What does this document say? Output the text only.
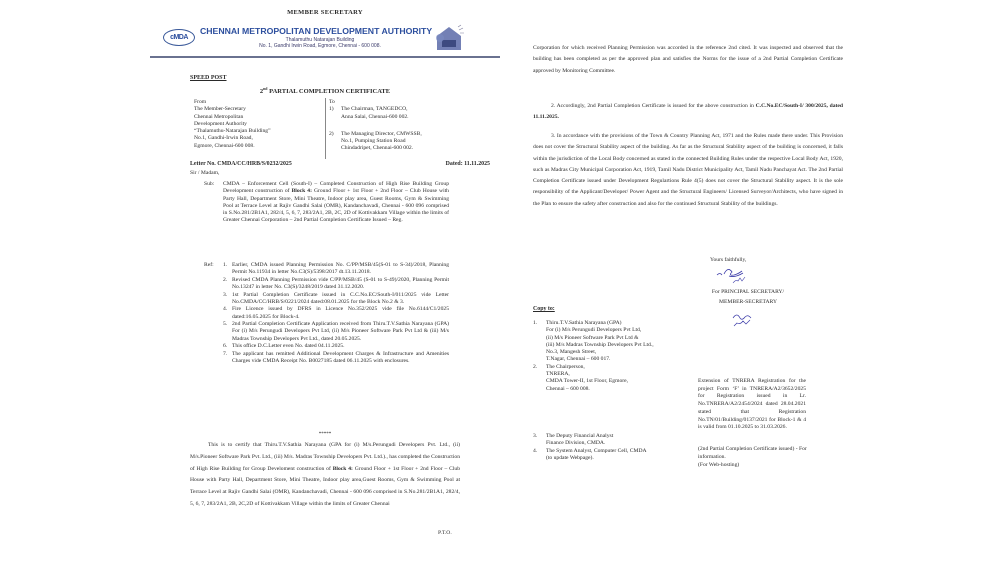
MEMBER SECRETARY
cMDA
CHENNAI METROPOLITAN DEVELOPMENT AUTHORITY
Thalamuthu Natarajan Building
No. 1, Gandhi Irwin Road, Egmore, Chennai - 600 008.
SPEED POST
2nd PARTIAL COMPLETION CERTIFICATE
From
The Member-Secretary
Chennai Metropolitan
Development Authority
“Thalamuthu-Natarajan Building”
No.1, Gandhi-Irwin Road,
Egmore, Chennai-600 008.
To
1)	The Chairman, TANGEDCO,
Anna Salai, Chennai-600 002.
2)	The Managing Director, CMWSSB,
No.1, Pumping Station Road
Chindadripet, Chennai-600 002.
Letter No. CMDA/CC/HRB/S/0232/2025	Dated: 11.11.2025
Sir / Madam,
Sub: CMDA – Enforcement Cell (South-I) – Completed Construction of High Rise Building Group Development construction of Block 4: Ground Floor + 1st Floor + 2nd Floor – Club House with Party Hall, Department Store, Mini Theatre, Indoor play area, Guest Rooms, Gym & Swimming Pool at Terrace Level at Rajiv Gandhi Salai (OMR), Kandanchavadi, Chennai - 600 096 comprised in S.No.281/2B1A1, 282/4, 5, 6, 7, 283/2A1, 2B, 2C, 2D of Kottivakkam Village within the limits of Greater Chennai Corporation – 2nd Partial Completion Certificate Issued – Reg.
Ref: 1. Earlier, CMDA issued Planning Permission No. C/PP/MSB/45(S-01 to S-34)/2018, Planning Permit No.11934 in letter No.C3(S)/5398/2017 dt.13.11.2018.
2. Revised CMDA Planning Permission vide C/PP/MSB/45 (S-01 to S-49)/2020, Planning Permit No.13247 in letter No. C3(S)/3248/2019 dated 31.12.2020.
3. 1st Partial Completion Certificate issued in C.C.No.EC/South-I/011/2025 vide Letter No.CMDA/CC/HRB/S/0221/2024 dated:08.01.2025 for the Block No.2 & 3.
4. Fire Licence issued by DFRS in Licence No.352/2025 vide file No.6144/C1/2025 dated:16.05.2025 for Block-4.
5. 2nd Partial Completion Certificate Application received from Thiru.T.V.Sathia Narayana (GPA) For (i) M/s Perungudi Developers Pvt Ltd, (ii) M/s Pioneer Software Park Pvt Ltd & (iii) M/s Madras Township Developers Pvt Ltd., dated 20.05.2025.
6. This office D.C.Letter even No. dated 04.11.2025.
7. The applicant has remitted Additional Development Charges & Infrastructure and Amenities Charges vide CMDA Receipt No. B0027185 dated 06.11.2025 with enclosures.
*****
This is to certify that Thiru.T.V.Sathia Narayana (GPA for (i) M/s.Perungudi Developers Pvt. Ltd., (ii) M/s.Pioneer Software Park Pvt. Ltd., (iii) M/s. Madras Township Developers Pvt. Ltd.)., has completed the Construction of High Rise Building for Group Develoment construction of Block 4: Ground Floor + 1st Floor + 2nd Floor – Club House with Party Hall, Department Store, Mini Theatre, Indoor play area,Guest Rooms, Gym & Swimming Pool at Terrace Level at Rajiv Gandhi Salai (OMR), Kandanchavadi, Chennai - 600 096 comprised in S.No.281/2B1A1, 282/4, 5, 6, 7, 283/2A1, 2B, 2C,2D of Kottivakkam Village within the limits of Greater Chennai
P.T.O.
Corporation for which received Planning Permission was accorded in the reference 2nd cited. It was inspected and observed that the building has been completed as per the approved plan and satisfies the Norms for the issue of a 2nd Partial Completion Certificate approved by Monitoring Committee.
2. Accordingly, 2nd Partial Completion Certificate is issued for the above construction in C.C.No.EC/South-I/ 300/2025, dated 11.11.2025.
3. In accordance with the provisions of the Town & Country Planning Act, 1971 and the Rules made there under. This Provision does not cover the Structural Stability aspect of the building. As far as the Structural Stability aspect of the building is concerned, it falls within the jurisdiction of the Local Body concerned as stated in the connected Building Rules under the respective Local Body Act, 1920, such as Madras City Municipal Corporation Act, 1919, Tamil Nadu District Municipality Act, Tamil Nadu Panchayat Act. The 2nd Partial Completion Certificate issued under Development Regulartions Rule 4(5) does not cover the Structural Stability aspect. It is the sole responsibility of the Applicant/Developer/ Power Agent and the Structural Engineers/ Licensed Surveyor/Architects, who have signed in the Plan to ensure the safety after construction and also for the continued Structural Stability of the buildings.
Yours faithfully,
For PRINCIPAL SECRETARY/
MEMBER-SECRETARY
Copy to:
1.	Thiru.T.V.Sathia Narayana (GPA)
For (i) M/s Perungudi Developers Pvt Ltd,
(ii) M/s Pioneer Software Park Pvt Ltd &
(iii) M/s Madras Township Developers Pvt Ltd.,
No.3, Mangesh Street,
T.Nagar, Chennai – 600 017.
2.	The Chairperson,
TNRERA,
CMDA Tower-II, 1st Floor, Egmore,
Chennai – 600 008.
3.	The Deputy Financial Analyst
Finance Division, CMDA.
4.	The System Analyst, Computer Cell, CMDA
(to update Webpage).
Extension of TNRERA Registration for the project Form ‘F’ in TNRERA/A2/3652/2025 for Registration issued in Lr. No.TNRERA/A2/2454/2024 dated 28.04.2021 stated that Registration No.TN/01/Building/0137/2021 for Block-1 & 4 is valid from 01.10.2025 to 31.03.2026.
(2nd Partial Completion Certificate issued) - For information.
(For Web-hosting)
